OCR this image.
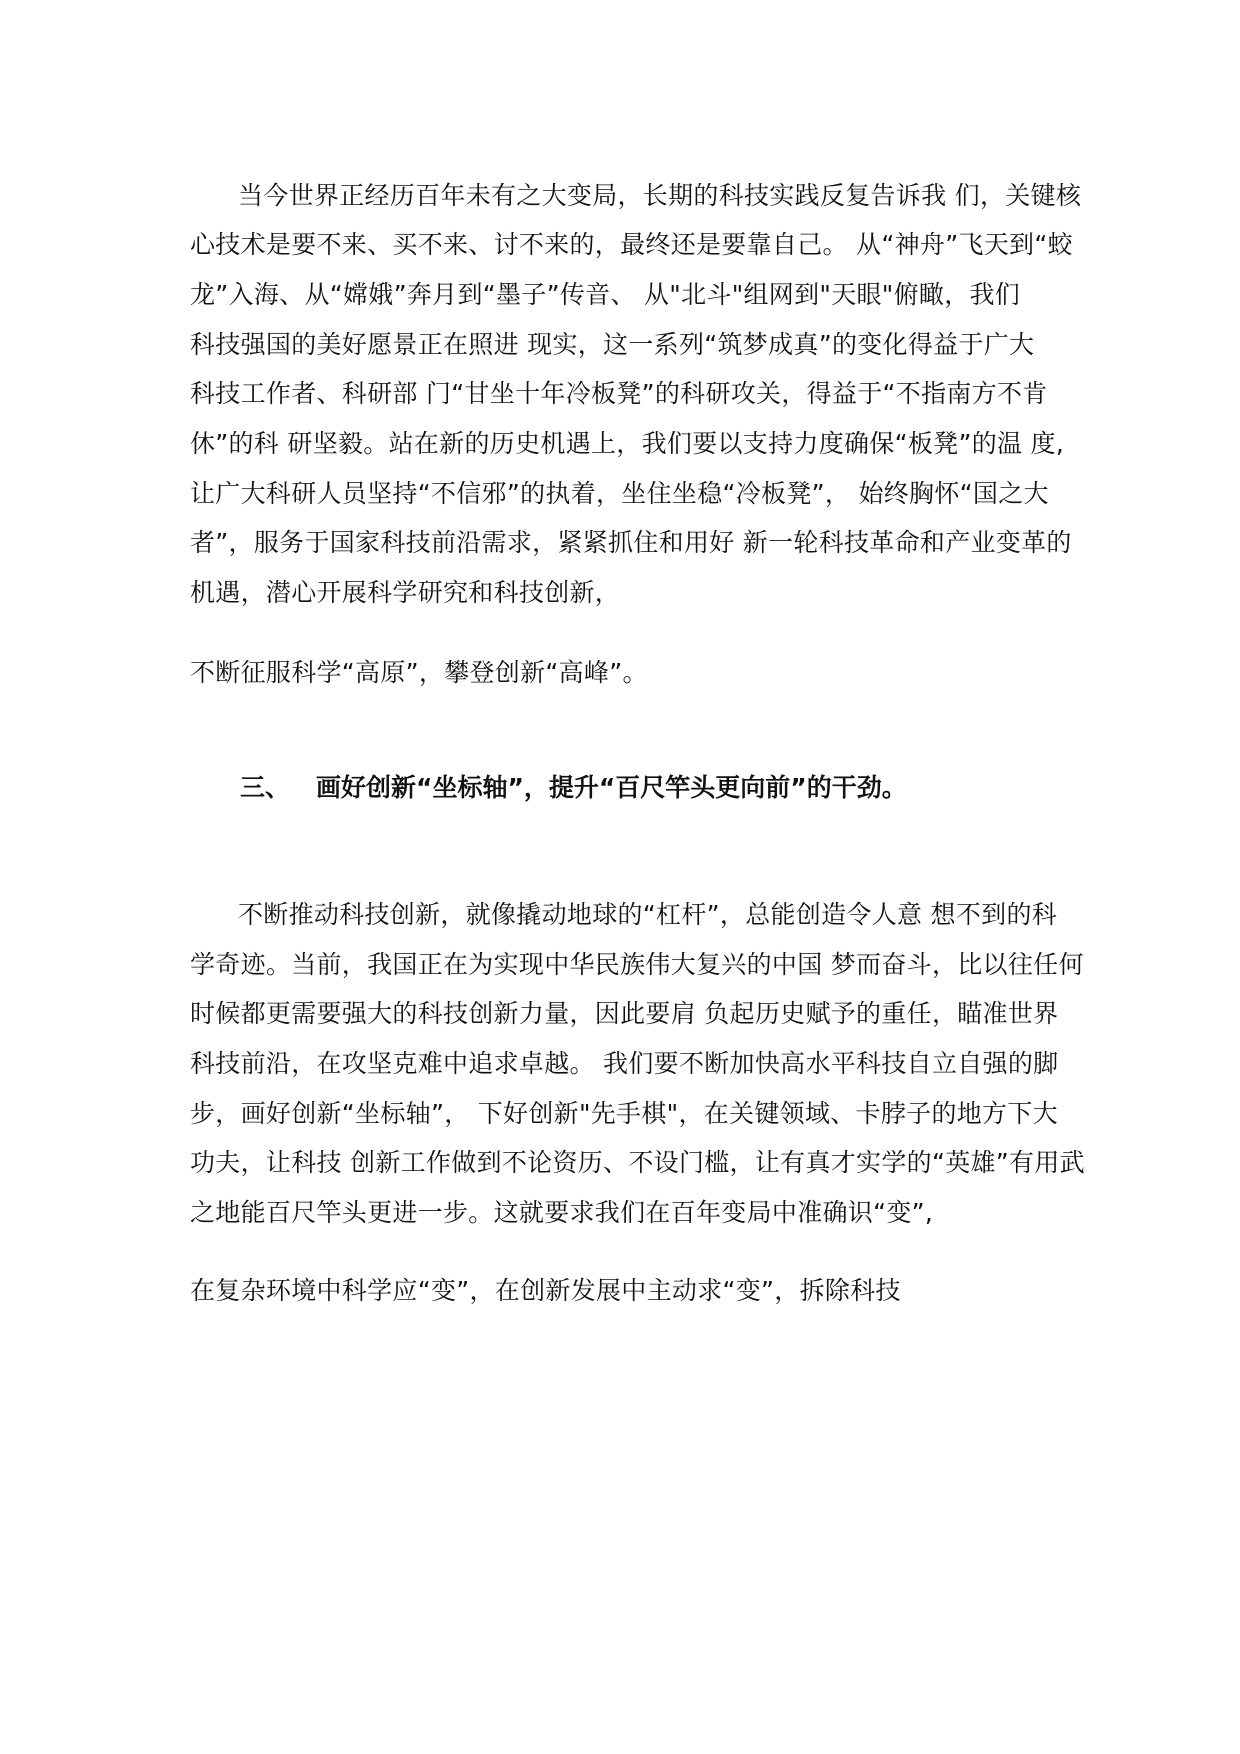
当今世界正经历百年未有之大变局，长期的科技实践反复告诉我 们，关键核
心技术是要不来、买不来、讨不来的，最终还是要靠自己。 从“神舟”飞天到“蛟
龙”入海、从“嫦娥”奔月到“墨子”传音、 从"北斗"组网到"天眼"俯瞰，我们
科技强国的美好愿景正在照进 现实，这一系列“筑梦成真”的变化得益于广大
科技工作者、科研部 门“甘坐十年冷板凳”的科研攻关，得益于“不指南方不肯
休”的科 研坚毅。站在新的历史机遇上，我们要以支持力度确保“板凳”的温 度,
让广大科研人员坚持“不信邪”的执着，坐住坐稳“冷板凳”， 始终胸怀“国之大
者”，服务于国家科技前沿需求，紧紧抓住和用好 新一轮科技革命和产业变革的
机遇，潜心开展科学研究和科技创新，
不断征服科学“高原”，攀登创新“高峰”。
三、 画好创新“坐标轴”，提升“百尺竿头更向前”的干劲。
不断推动科技创新，就像撬动地球的“杠杆”，总能创造令人意 想不到的科
学奇迹。当前，我国正在为实现中华民族伟大复兴的中国 梦而奋斗，比以往任何
时候都更需要强大的科技创新力量，因此要肩 负起历史赋予的重任，瞄准世界
科技前沿，在攻坚克难中追求卓越。 我们要不断加快高水平科技自立自强的脚
步，画好创新“坐标轴”， 下好创新"先手棋"，在关键领域、卡脖子的地方下大
功夫，让科技 创新工作做到不论资历、不设门槛，让有真才实学的“英雄”有用武
之地能百尺竿头更进一步。这就要求我们在百年变局中准确识“变”,
在复杂环境中科学应“变”，在创新发展中主动求“变”，拆除科技
